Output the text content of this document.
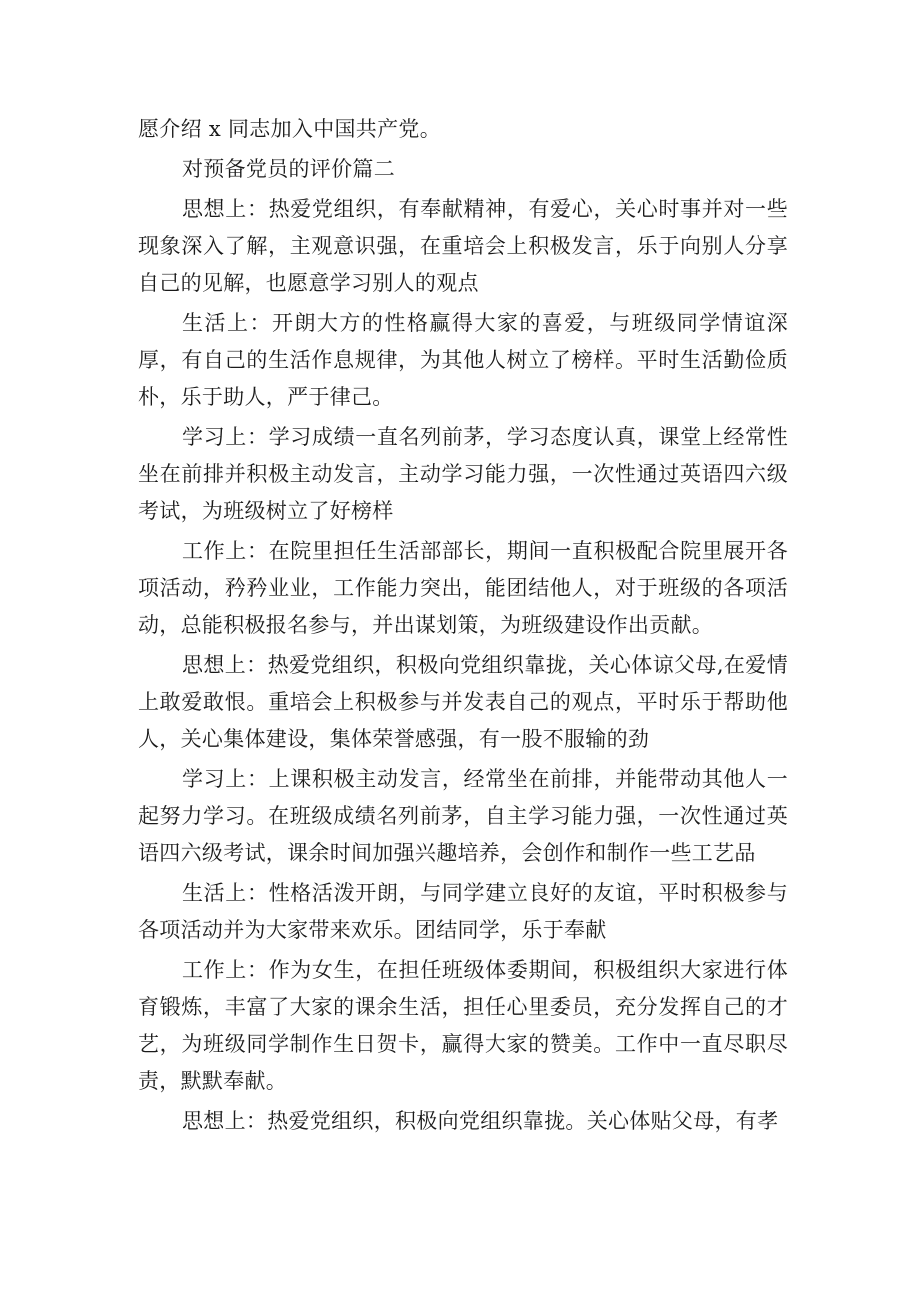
愿介绍 x 同志加入中国共产党。

对预备党员的评价篇二

思想上：热爱党组织，有奉献精神，有爱心，关心时事并对一些现象深入了解，主观意识强，在重培会上积极发言，乐于向别人分享自己的见解，也愿意学习别人的观点

生活上：开朗大方的性格赢得大家的喜爱，与班级同学情谊深厚，有自己的生活作息规律，为其他人树立了榜样。平时生活勤俭质朴，乐于助人，严于律己。

学习上：学习成绩一直名列前茅，学习态度认真，课堂上经常性坐在前排并积极主动发言，主动学习能力强，一次性通过英语四六级考试，为班级树立了好榜样

工作上：在院里担任生活部部长，期间一直积极配合院里展开各项活动，矜矜业业，工作能力突出，能团结他人，对于班级的各项活动，总能积极报名参与，并出谋划策，为班级建设作出贡献。

思想上：热爱党组织，积极向党组织靠拢，关心体谅父母,在爱情上敢爱敢恨。重培会上积极参与并发表自己的观点，平时乐于帮助他人，关心集体建设，集体荣誉感强，有一股不服输的劲

学习上：上课积极主动发言，经常坐在前排，并能带动其他人一起努力学习。在班级成绩名列前茅，自主学习能力强，一次性通过英语四六级考试，课余时间加强兴趣培养，会创作和制作一些工艺品

生活上：性格活泼开朗，与同学建立良好的友谊，平时积极参与各项活动并为大家带来欢乐。团结同学，乐于奉献

工作上：作为女生，在担任班级体委期间，积极组织大家进行体育锻炼，丰富了大家的课余生活，担任心里委员，充分发挥自己的才艺，为班级同学制作生日贺卡，赢得大家的赞美。工作中一直尽职尽责，默默奉献。

思想上：热爱党组织，积极向党组织靠拢。关心体贴父母，有孝
